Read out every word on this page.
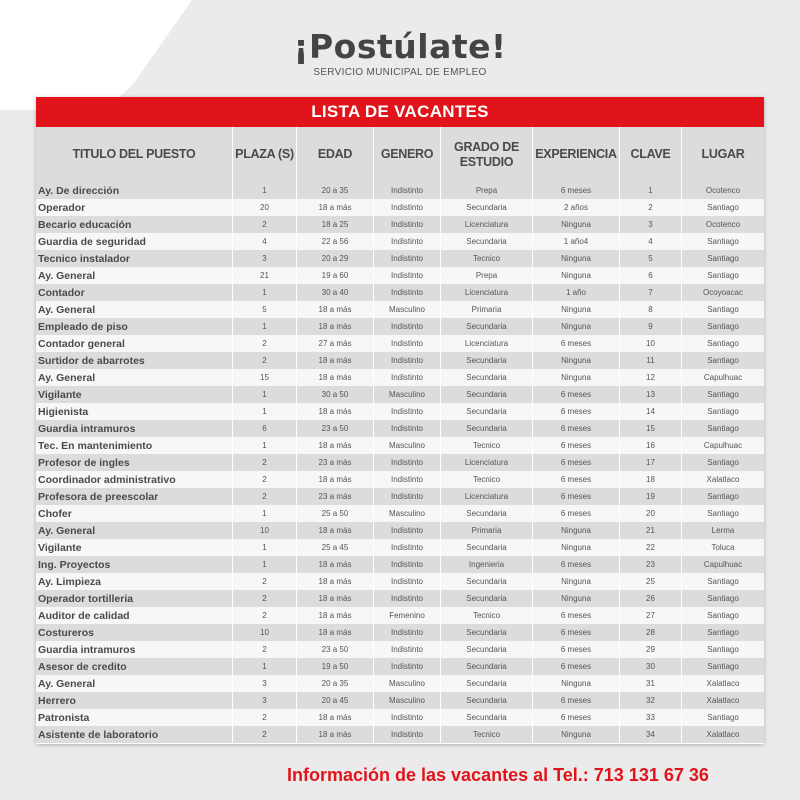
¡Postúlate!
SERVICIO MUNICIPAL DE EMPLEO
LISTA DE VACANTES
TITULO DEL PUESTO	PLAZA (S)	EDAD	GENERO	GRADO DE ESTUDIO	EXPERIENCIA	CLAVE	LUGAR
Ay. De dirección	1	20 a 35	Indistinto	Prepa	6 meses	1	Ocotenco
Operador	20	18 a más	Indistinto	Secundaria	2 años	2	Santiago
Becario educación	2	18 a 25	Indistinto	Licenciatura	Ninguna	3	Ocotenco
Guardia de seguridad	4	22 a 56	Indistinto	Secundaria	1 año4	4	Santiago
Tecnico instalador	3	20 a 29	Indistinto	Tecnico	Ninguna	5	Santiago
Ay. General	21	19 a 60	Indistinto	Prepa	Ninguna	6	Santiago
Contador	1	30 a 40	Indistinto	Licenciatura	1 año	7	Ocoyoacac
Ay. General	5	18 a más	Masculino	Primaria	Ninguna	8	Santiago
Empleado de piso	1	18 a más	Indistinto	Secundaria	Ninguna	9	Santiago
Contador general	2	27 a más	Indistinto	Licenciatura	6 meses	10	Santiago
Surtidor de abarrotes	2	18 a más	Indistinto	Secundaria	Ninguna	11	Santiago
Ay. General	15	18 a más	Indistinto	Secundaria	Ninguna	12	Capulhuac
Vigilante	1	30 a 50	Masculino	Secundaria	6 meses	13	Santiago
Higienista	1	18 a más	Indistinto	Secundaria	6 meses	14	Santiago
Guardia intramuros	6	23 a 50	Indistinto	Secundaria	6 meses	15	Santiago
Tec. En mantenimiento	1	18 a más	Masculino	Tecnico	6 meses	16	Capulhuac
Profesor de ingles	2	23 a más	Indistinto	Licenciatura	6 meses	17	Santiago
Coordinador administrativo	2	18 a más	Indistinto	Tecnico	6 meses	18	Xalatlaco
Profesora de preescolar	2	23 a más	Indistinto	Licenciatura	6 meses	19	Santiago
Chofer	1	25 a 50	Masculino	Secundaria	6 meses	20	Santiago
Ay. General	10	18 a más	Indistinto	Primaria	Ninguna	21	Lerma
Vigilante	1	25 a 45	Indistinto	Secundaria	Ninguna	22	Toluca
Ing. Proyectos	1	18 a más	Indistinto	Ingenieria	6 meses	23	Capulhuac
Ay. Limpieza	2	18 a más	Indistinto	Secundaria	Ninguna	25	Santiago
Operador tortilleria	2	18 a más	Indistinto	Secundaria	Ninguna	26	Santiago
Auditor de calidad	2	18 a más	Femenino	Tecnico	6 meses	27	Santiago
Costureros	10	18 a más	Indistinto	Secundaria	6 meses	28	Santiago
Guardia intramuros	2	23 a 50	Indistinto	Secundaria	6 meses	29	Santiago
Asesor de credito	1	19 a 50	Indistinto	Secundaria	6 meses	30	Santiago
Ay. General	3	20 a 35	Masculino	Secundaria	Ninguna	31	Xalatlaco
Herrero	3	20 a 45	Masculino	Secundaria	6 meses	32	Xalatlaco
Patronista	2	18 a más	Indistinto	Secundaria	6 meses	33	Santiago
Asistente de laboratorio	2	18 a más	Indistinto	Tecnico	Ninguna	34	Xalatlaco
Información de las vacantes al Tel.: 713 131 67 36
